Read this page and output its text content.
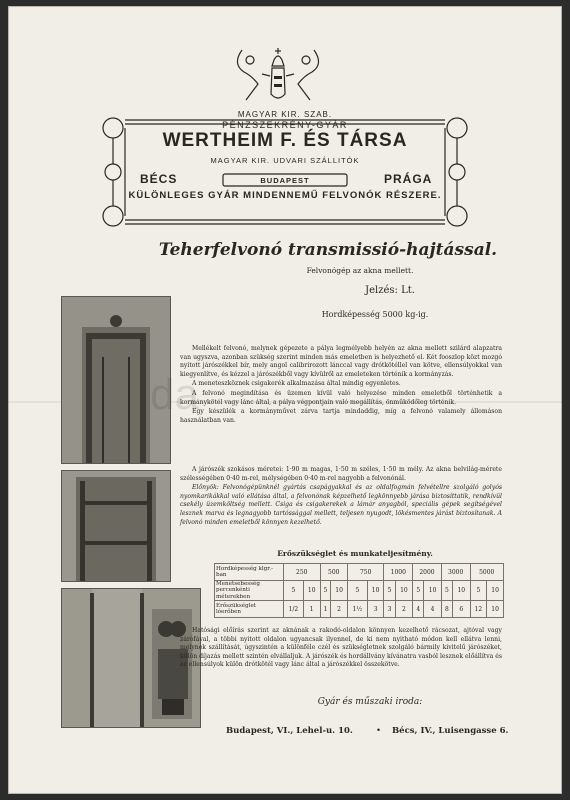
MAGYAR KIR. SZAB.
PÉNZSZEKRÉNY-GYÁR
WERTHEIM F. ÉS TÁRSA
MAGYAR KIR. UDVARI SZÁLLITÓK
BÉCS	BUDAPEST	PRÁGA
KÜLÖNLEGES GYÁR MINDENNEMŰ FELVONÓK RÉSZERE.
Teherfelvonó transmissió-hajtással.
Felvonógép az akna mellett.
Jelzés: Lt.
Hordképesség 5000 kg-ig.

Mellékelt felvonó, melynek gépezete a pálya legmélyebb helyén az akna mellett szilárd alapzatra van ugyszva, azonban szükség szerint minden más emeletben is helyezhető el. Két fooszlop közt mozgó nyitott járószékkel bír, mely angol calibrirozott lánccal vagy drótkötéllel van kötve, ellensúlyokkal van kiegyenlítve, és kézzel a járószékből vagy kívülről az emeleteken történik a kormányzás.

A meneteszköznek csigakerék alkalmazása által mindig egyenletes.

A felvonó megindítása és üzemen kívül való helyezése minden emeletből történhetik a kormánykötél vagy lánc által, a pálya végpontjain való megállítás, önműködőleg történik.

Egy készülék a kormányművet zárva tartja mindaddig, míg a felvonó valamely állomáson használatban van.

A járószék szokásos méretei: 1·90 m magas, 1·50 m széles, 1·50 m mély. Az akna belvilág-mérete szélességében 0·40 m-rel, mélységében 0·40 m-rel nagyobb a felvonónál.

Előnyök: Felvonógépünknél gyártás csapágyakkal és az oldalfogmán felvétellre szolgáló golyós nyomkarikákkal való ellátása által, a felvonónak képzelhető legkönnyebb járása biztosíttatik, rendkívül csekély üzemköltség mellett. Csiga és csigakerekek a lámár anyagból, speciális gépek segítségével lesznek marva és legnagyobb tartóssággal mellett, teljesen nyugodt, lökésmentes járást biztosítanak. A felvonó minden emeletből könnyen kezelhető.

Erőszükséglet és munkateljesítmény.
Hordképesség klgr.-ban	250		500		750		1000		2000		3000		5000	
Menetsebesség percenkénti méterekben	5	10	5	10	5	10	5	10	5	10	5	10	5	10
Erőszükséglet lóerőben	1/2	1	1	2	1½	3	3	2	4	4	8	6	12	10

Hatósági előírás szerint az aknának a rakodó-oldalon könnyen kezelhető rácsozat, ajtóval vagy zárófával, a többi nyitott oldalon ugyancsak ilyennel, de ki nem nyitható módon kell ellátva lenni, melynek szállítását, úgyszintén a különféle czél és szükségletnek szolgáló bármily kivitelű járószéket, külön díjazás mellett szintén elvállaljuk. A járószék és hordállvány kívánatra vasból lesznek előállítva és az ellensúlyok külön drótkötél vagy lánc által a járószékkel összekötve.

Gyár és műszaki iroda:
Budapest, VI., Lehel-u. 10.	• Bécs, IV., Luisengasse 6.
da
